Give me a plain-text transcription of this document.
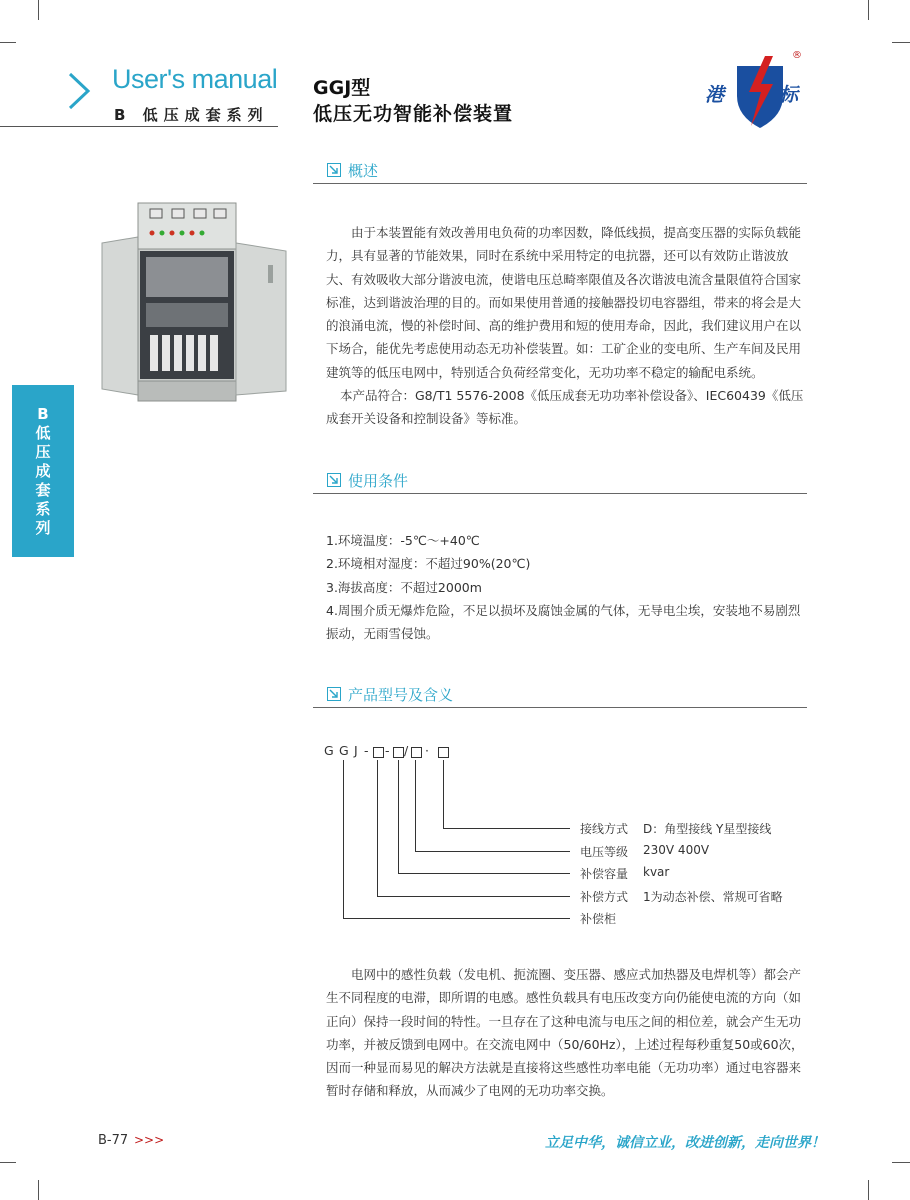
User's manual
B 低压成套系列
GGJ型
低压无功智能补偿装置
港	标
®
B
低
压
成
套
系
列
概述

由于本装置能有效改善用电负荷的功率因数，降低线损，提高变压器的实际负载能力，具有显著的节能效果，同时在系统中采用特定的电抗器，还可以有效防止谐波放大、有效吸收大部分谐波电流，使谐电压总畸率限值及各次谐波电流含量限值符合国家标准，达到谐波治理的目的。而如果使用普通的接触器投切电容器组，带来的将会是大的浪涌电流，慢的补偿时间、高的维护费用和短的使用寿命，因此，我们建议用户在以下场合，能优先考虑使用动态无功补偿装置。如：工矿企业的变电所、生产车间及民用建筑等的低压电网中，特别适合负荷经常变化，无功功率不稳定的输配电系统。

本产品符合：G8/T1 5576-2008《低压成套无功功率补偿设备》、IEC60439《低压成套开关设备和控制设备》等标准。

使用条件

1.环境温度：-5℃～+40℃

2.环境相对湿度：不超过90%(20℃)

3.海拔高度：不超过2000m

4.周围介质无爆炸危险，不足以损坏及腐蚀金属的气体，无导电尘埃，安装地不易剧烈振动，无雨雪侵蚀。

产品型号及含义
G G J - - / ·
接线方式 D：角型接线 Y星型接线
电压等级 230V 400V
补偿容量 kvar
补偿方式 1为动态补偿、常规可省略
补偿柜

电网中的感性负载（发电机、扼流圈、变压器、感应式加热器及电焊机等）都会产生不同程度的电滞，即所谓的电感。感性负载具有电压改变方向仍能使电流的方向（如正向）保持一段时间的特性。一旦存在了这种电流与电压之间的相位差，就会产生无功功率，并被反馈到电网中。在交流电网中（50/60Hz），上述过程每秒重复50或60次，因而一种显而易见的解决方法就是直接将这些感性功率电能（无功功率）通过电容器来暂时存储和释放，从而减少了电网的无功功率交换。

B-77 >>>	立足中华，诚信立业，改进创新，走向世界！
